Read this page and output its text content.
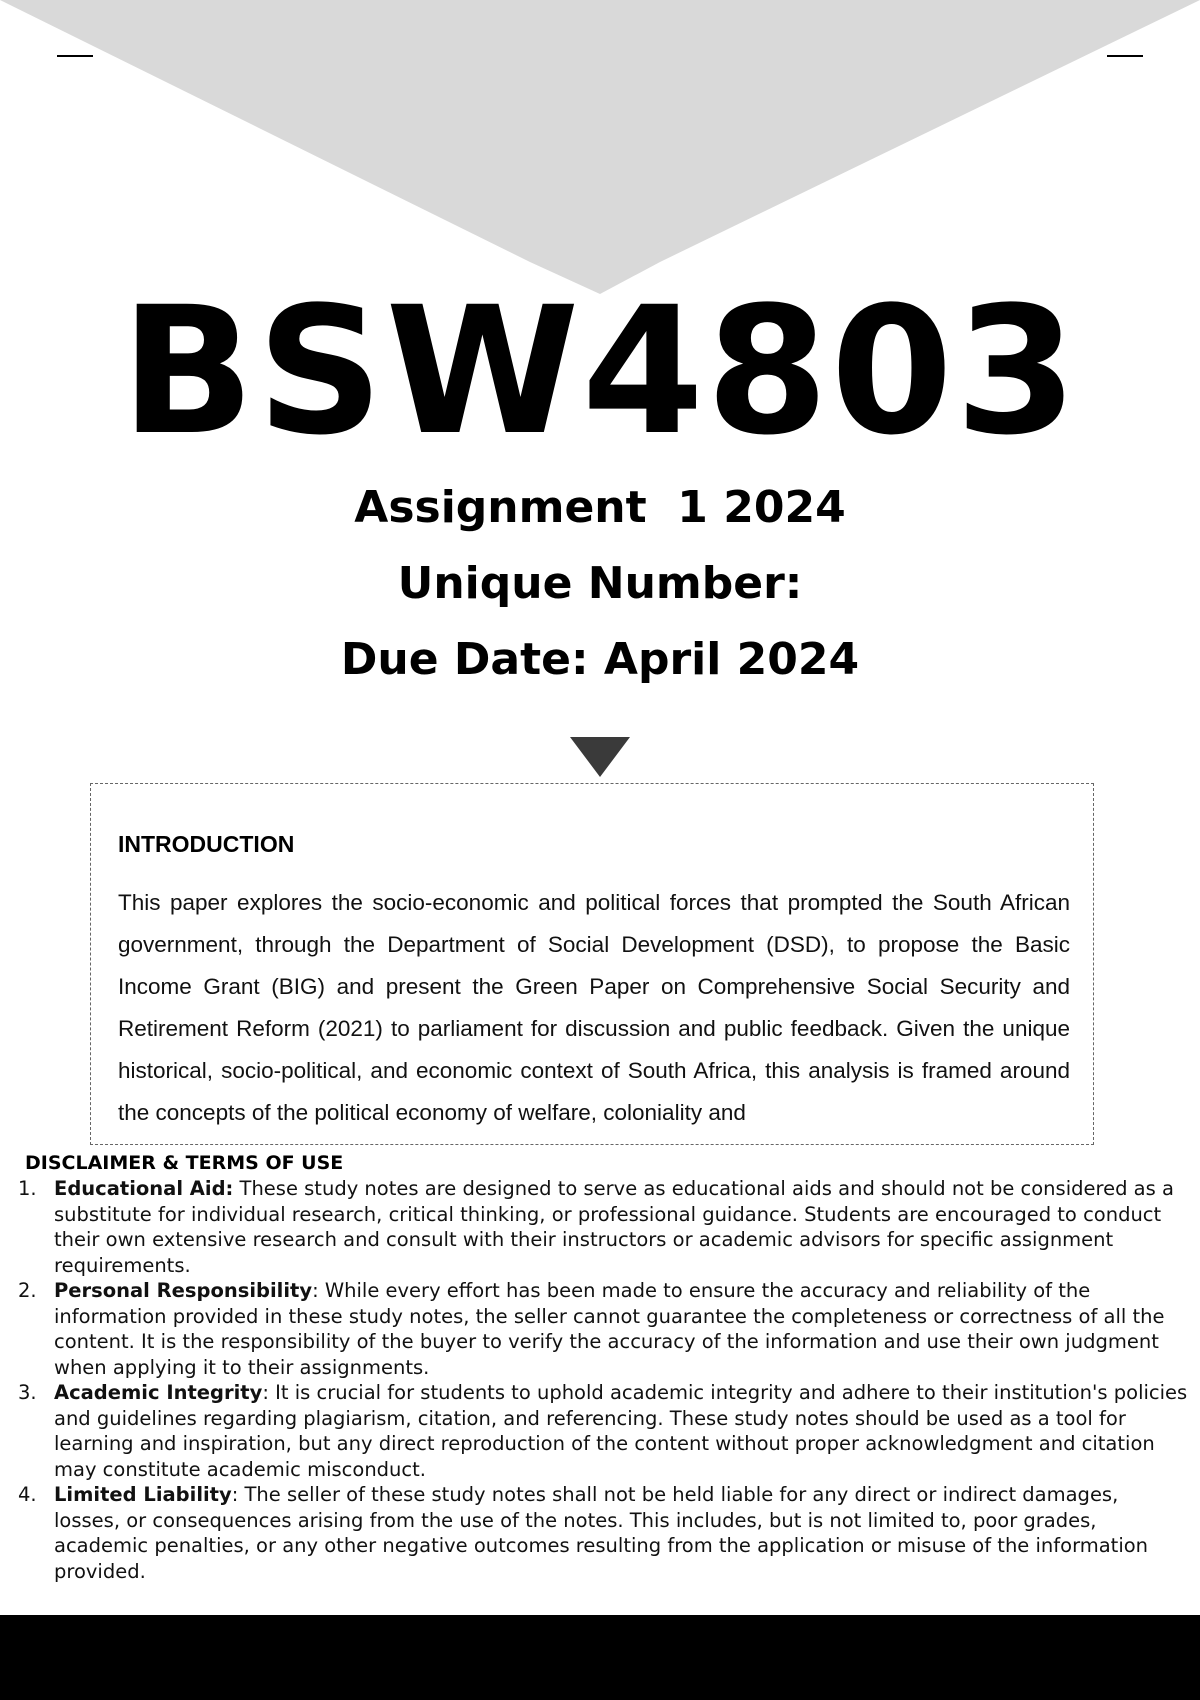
BSW4803
Assignment  1 2024
Unique Number:
Due Date: April 2024
INTRODUCTION
This paper explores the socio-economic and political forces that prompted the South African government, through the Department of Social Development (DSD), to propose the Basic Income Grant (BIG) and present the Green Paper on Comprehensive Social Security and Retirement Reform (2021) to parliament for discussion and public feedback. Given the unique historical, socio-political, and economic context of South Africa, this analysis is framed around the concepts of the political economy of welfare, coloniality and
DISCLAIMER & TERMS OF USE
1. Educational Aid: These study notes are designed to serve as educational aids and should not be considered as a substitute for individual research, critical thinking, or professional guidance. Students are encouraged to conduct their own extensive research and consult with their instructors or academic advisors for specific assignment requirements.
2. Personal Responsibility: While every effort has been made to ensure the accuracy and reliability of the information provided in these study notes, the seller cannot guarantee the completeness or correctness of all the content. It is the responsibility of the buyer to verify the accuracy of the information and use their own judgment when applying it to their assignments.
3. Academic Integrity: It is crucial for students to uphold academic integrity and adhere to their institution's policies and guidelines regarding plagiarism, citation, and referencing. These study notes should be used as a tool for learning and inspiration, but any direct reproduction of the content without proper acknowledgment and citation may constitute academic misconduct.
4. Limited Liability: The seller of these study notes shall not be held liable for any direct or indirect damages, losses, or consequences arising from the use of the notes. This includes, but is not limited to, poor grades, academic penalties, or any other negative outcomes resulting from the application or misuse of the information provided.
